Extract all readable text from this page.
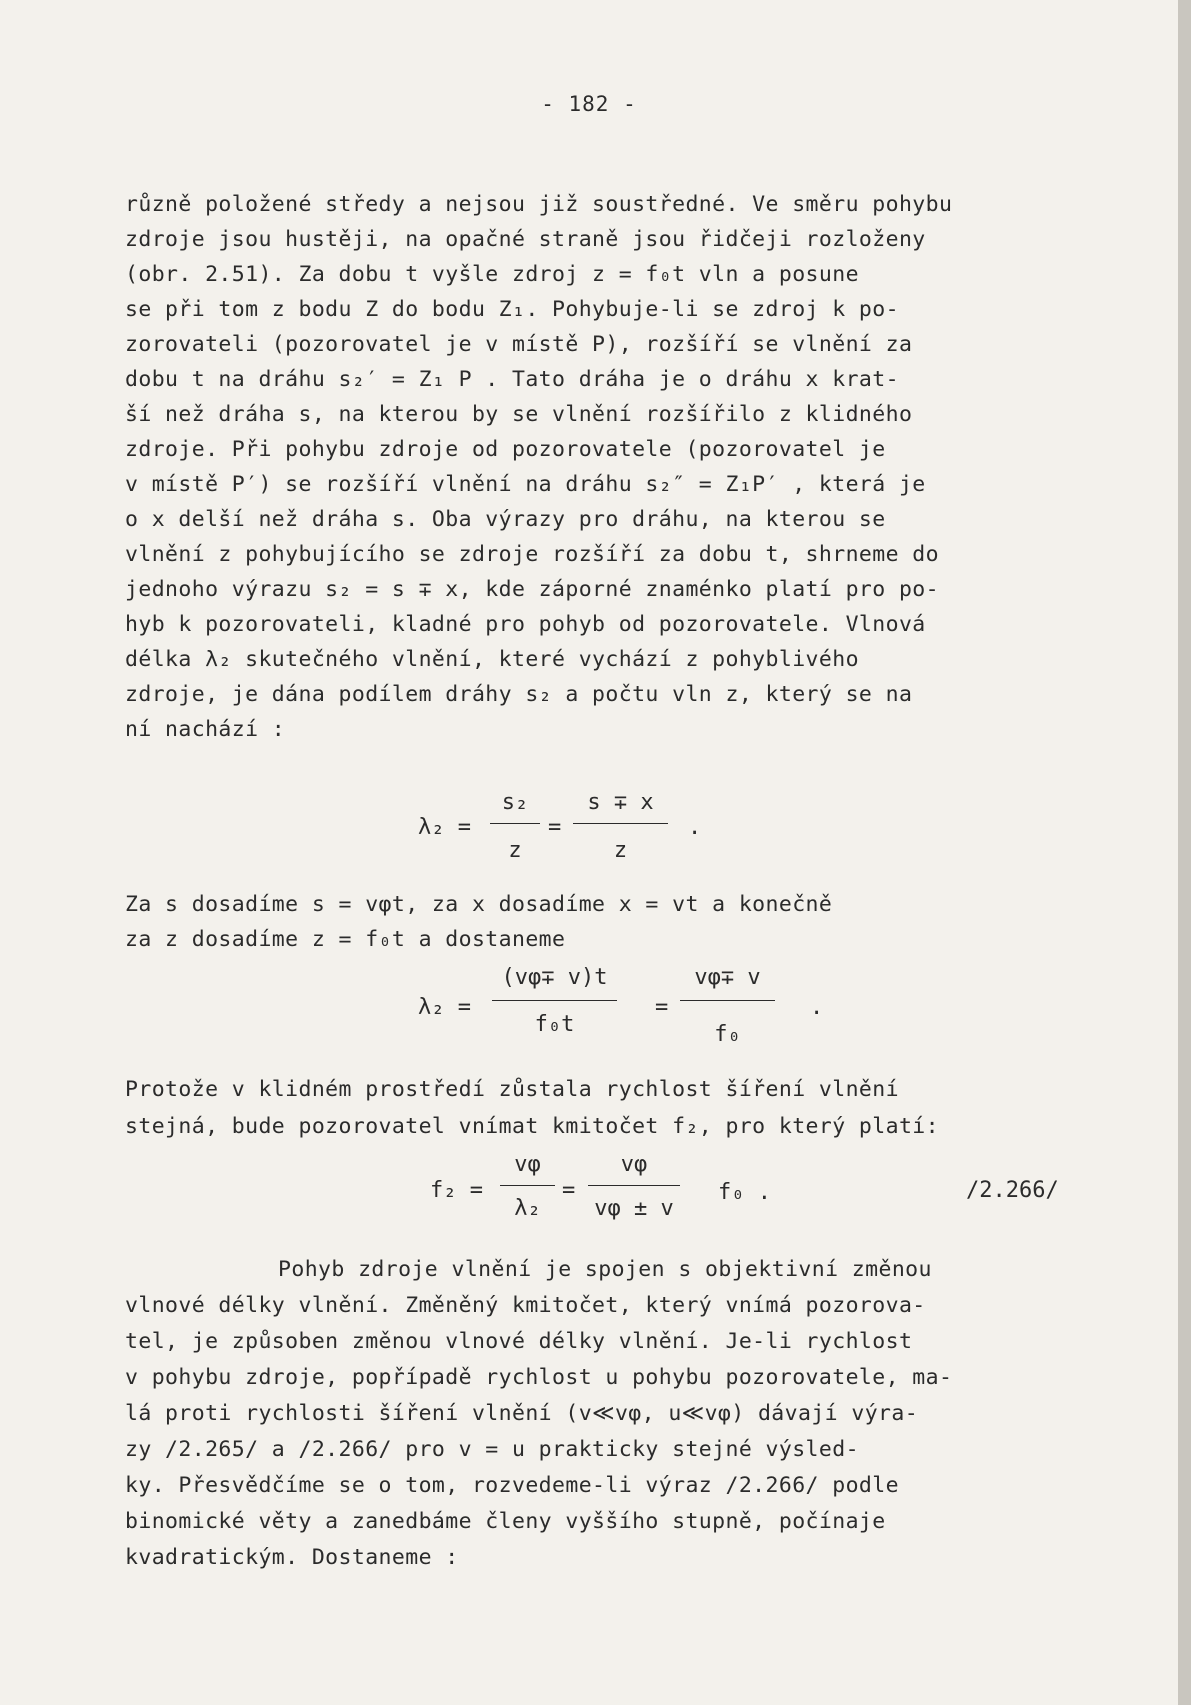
- 182 -
různě položené středy a nejsou již soustředné. Ve směru pohybu
zdroje jsou hustěji, na opačné straně jsou řidčeji rozloženy
(obr. 2.51). Za dobu t vyšle zdroj z = f₀t vln a posune
se při tom z bodu Z do bodu Z₁. Pohybuje-li se zdroj k po-
zorovateli (pozorovatel je v místě P), rozšíří se vlnění za
dobu t na dráhu s₂′ = Z₁ P . Tato dráha je o dráhu x krat-
ší než dráha s, na kterou by se vlnění rozšířilo z klidného
zdroje. Při pohybu zdroje od pozorovatele (pozorovatel je
v místě P′) se rozšíří vlnění na dráhu s₂″ = Z₁P′ , která je
o x delší než dráha s. Oba výrazy pro dráhu, na kterou se
vlnění z pohybujícího se zdroje rozšíří za dobu t, shrneme do
jednoho výrazu s₂ = s ∓ x, kde záporné znaménko platí pro po-
hyb k pozorovateli, kladné pro pohyb od pozorovatele. Vlnová
délka λ₂ skutečného vlnění, které vychází z pohyblivého
zdroje, je dána podílem dráhy s₂ a počtu vln z, který se na
ní nachází :
λ₂ =
s₂
z
=
s ∓ x
z
.
Za s dosadíme s = vφt, za x dosadíme x = vt a konečně
za z dosadíme z = f₀t a dostaneme
λ₂ =
(vφ∓ v)t
f₀t
=
vφ∓ v
f₀
.
Protože v klidném prostředí zůstala rychlost šíření vlnění
stejná, bude pozorovatel vnímat kmitočet f₂, pro který platí:
f₂ =
vφ
λ₂
=
vφ
vφ ± v
f₀ .	/2.266/
Pohyb zdroje vlnění je spojen s objektivní změnou
vlnové délky vlnění. Změněný kmitočet, který vnímá pozorova-
tel, je způsoben změnou vlnové délky vlnění. Je-li rychlost
v pohybu zdroje, popřípadě rychlost u pohybu pozorovatele, ma-
lá proti rychlosti šíření vlnění (v≪vφ, u≪vφ) dávají výra-
zy /2.265/ a /2.266/ pro v = u prakticky stejné výsled-
ky. Přesvědčíme se o tom, rozvedeme-li výraz /2.266/ podle
binomické věty a zanedbáme členy vyššího stupně, počínaje
kvadratickým. Dostaneme :
